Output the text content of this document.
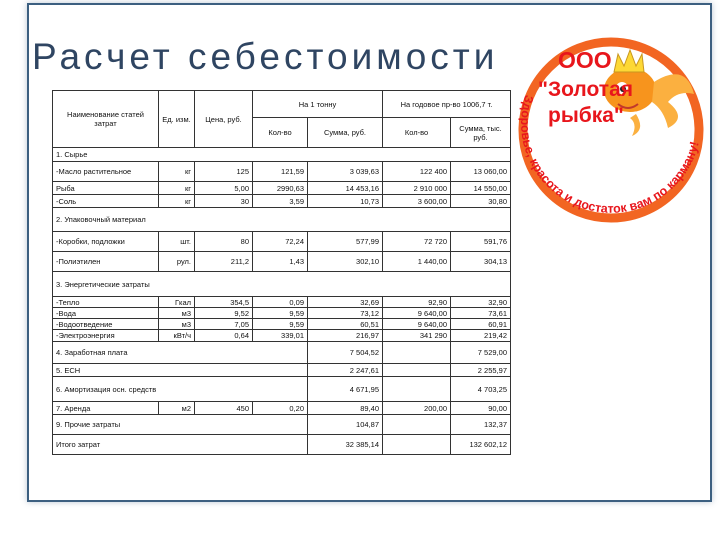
Расчет себестоимости
Наименование статей затрат	Ед. изм.	Цена, руб.	На 1 тонну		На годовое пр-во 1006,7 т.	
			Кол-во	Сумма, руб.	Кол-во	Сумма, тыс. руб.
1. Сырье						
-Масло растительное	кг	125	121,59	3 039,63	122 400	13 060,00
Рыба	кг	5,00	2990,63	14 453,16	2 910 000	14 550,00
-Соль	кг	30	3,59	10,73	3 600,00	30,80
2. Упаковочный материал						
-Коробки, подложки	шт.	80	72,24	577,99	72 720	591,76
-Полиэтилен	рул.	211,2	1,43	302,10	1 440,00	304,13
3. Энергетические затраты						
-Тепло	Гкал	354,5	0,09	32,69	92,90	32,90
-Вода	м3	9,52	9,59	73,12	9 640,00	73,61
-Водоотведение	м3	7,05	9,59	60,51	9 640,00	60,91
-Электроэнергия	кВт/ч	0,64	339,01	216,97	341 290	219,42
4. Заработная плата				7 504,52		7 529,00
5. ЕСН				2 247,61		2 255,97
6. Амортизация осн. средств				4 671,95		4 703,25
7. Аренда	м2	450	0,20	89,40	200,00	90,00
9. Прочие затраты				104,87		132,37
Итого затрат				32 385,14		132 602,12
ООО
"Золотая
рыбка"
Здоровье, красота и достаток вам по карману!
